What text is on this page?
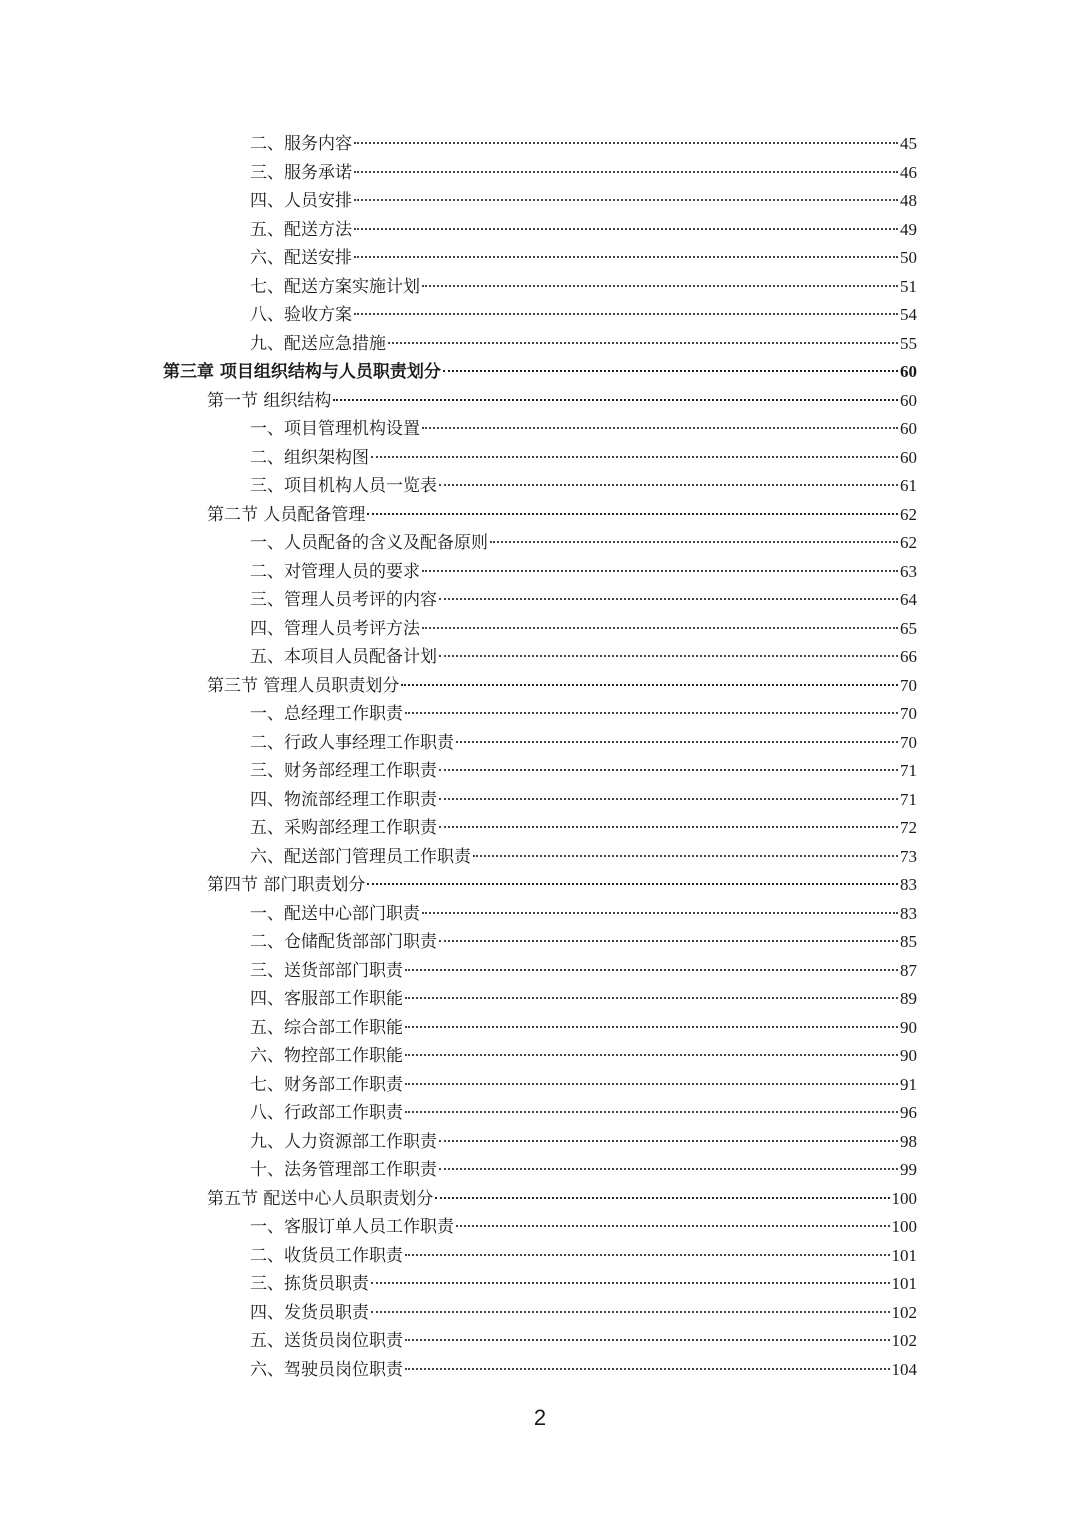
二、服务内容	45
三、服务承诺	46
四、人员安排	48
五、配送方法	49
六、配送安排	50
七、配送方案实施计划	51
八、验收方案	54
九、配送应急措施	55
第三章 项目组织结构与人员职责划分	60
第一节 组织结构	60
一、项目管理机构设置	60
二、组织架构图	60
三、项目机构人员一览表	61
第二节 人员配备管理	62
一、人员配备的含义及配备原则	62
二、对管理人员的要求	63
三、管理人员考评的内容	64
四、管理人员考评方法	65
五、本项目人员配备计划	66
第三节 管理人员职责划分	70
一、总经理工作职责	70
二、行政人事经理工作职责	70
三、财务部经理工作职责	71
四、物流部经理工作职责	71
五、采购部经理工作职责	72
六、配送部门管理员工作职责	73
第四节 部门职责划分	83
一、配送中心部门职责	83
二、仓储配货部部门职责	85
三、送货部部门职责	87
四、客服部工作职能	89
五、综合部工作职能	90
六、物控部工作职能	90
七、财务部工作职责	91
八、行政部工作职责	96
九、人力资源部工作职责	98
十、法务管理部工作职责	99
第五节 配送中心人员职责划分	100
一、客服订单人员工作职责	100
二、收货员工作职责	101
三、拣货员职责	101
四、发货员职责	102
五、送货员岗位职责	102
六、驾驶员岗位职责	104
2
